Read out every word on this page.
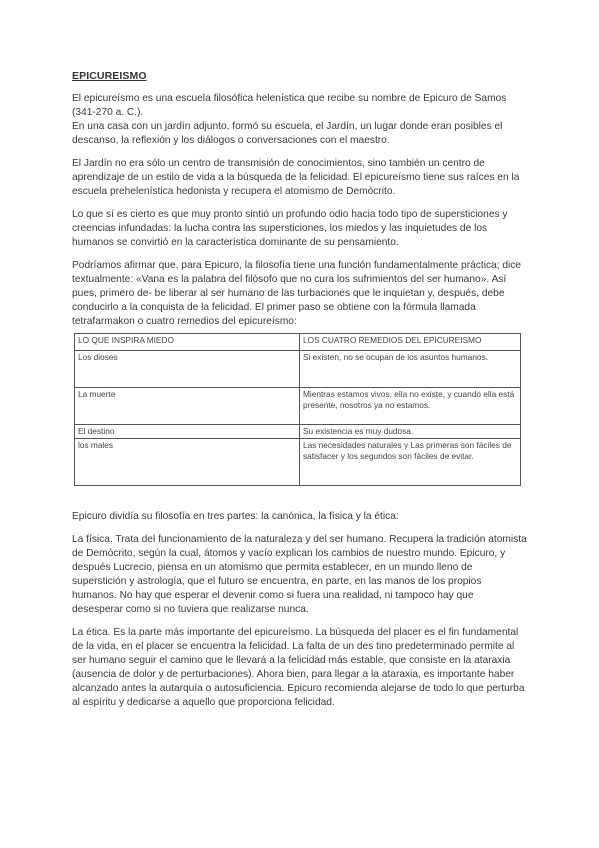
EPICUREISMO

El epicureísmo es una escuela filosófica helenística que recibe su nombre de Epicuro de Samos (341-270 a. C.).

En una casa con un jardín adjunto, formó su escuela, el Jardín, un lugar donde eran posibles el descanso, la reflexión y los diálogos o conversaciones con el maestro.

El Jardín no era sólo un centro de transmisión de conocimientos, sino también un centro de aprendizaje de un estilo de vida a la búsqueda de la felicidad. El epicureísmo tiene sus raíces en la escuela prehelenística hedonista y recupera el atomismo de Demócrito.

Lo que sí es cierto es que muy pronto sintió un profundo odio hacia todo tipo de supersticiones y creencias infundadas: la lucha contra las supersticiones, los miedos y las inquietudes de los humanos se convirtió en la característica dominante de su pensamiento.

Podríamos afirmar que, para Epicuro, la filosofía tiene una función fundamentalmente práctica; dice textualmente: «Vana es la palabra del filósofo que no cura los sufrimientos del ser humano». Así pues, primero de- be liberar al ser humano de las turbaciones que le inquietan y, después, debe conducirlo a la conquista de la felicidad. El primer paso se obtiene con la fórmula llamada tetrafarmakon o cuatro remedios del epicureísmo:

LO QUE INSPIRA MIEDO	LOS CUATRO REMEDIOS DEL EPICUREISMO
Los dioses	Si existen, no se ocupan de los asuntos humanos.
La muerte	Mientras estamos vivos, ella no existe, y cuando ella está presente, nosotros ya no estamos.
El destino	Su existencia es muy dudosa.
los males	Las necesidades naturales y Las primeras son fáciles de satisfacer y los segundos son fáciles de evitar.

Epicuro dividía su filosofía en tres partes: la canónica, la física y la ética:

La física. Trata del funcionamiento de la naturaleza y del ser humano. Recupera la tradición atomista de Demócrito, según la cual, átomos y vacío explican los cambios de nuestro mundo. Epicuro, y después Lucrecio, piensa en un atomismo que permita establecer, en un mundo lleno de superstición y astrología, que el futuro se encuentra, en parte, en las manos de los propios humanos. No hay que esperar el devenir como si fuera una realidad, ni tampoco hay que desesperar como si no tuviera que realizarse nunca.

La ética. Es la parte más importante del epicureísmo. La búsqueda del placer es el fin fundamental de la vida, en el placer se encuentra la felicidad. La falta de un des tino predeterminado permite al ser humano seguir el camino que le llevará a la felicidad más estable, que consiste en la ataraxia (ausencia de dolor y de perturbaciones). Ahora bien, para llegar a la ataraxia, es importante haber alcanzado antes la autarquía o autosuficiencia. Epicuro recomienda alejarse de todo lo que perturba al espíritu y dedicarse a aquello que proporciona felicidad.
